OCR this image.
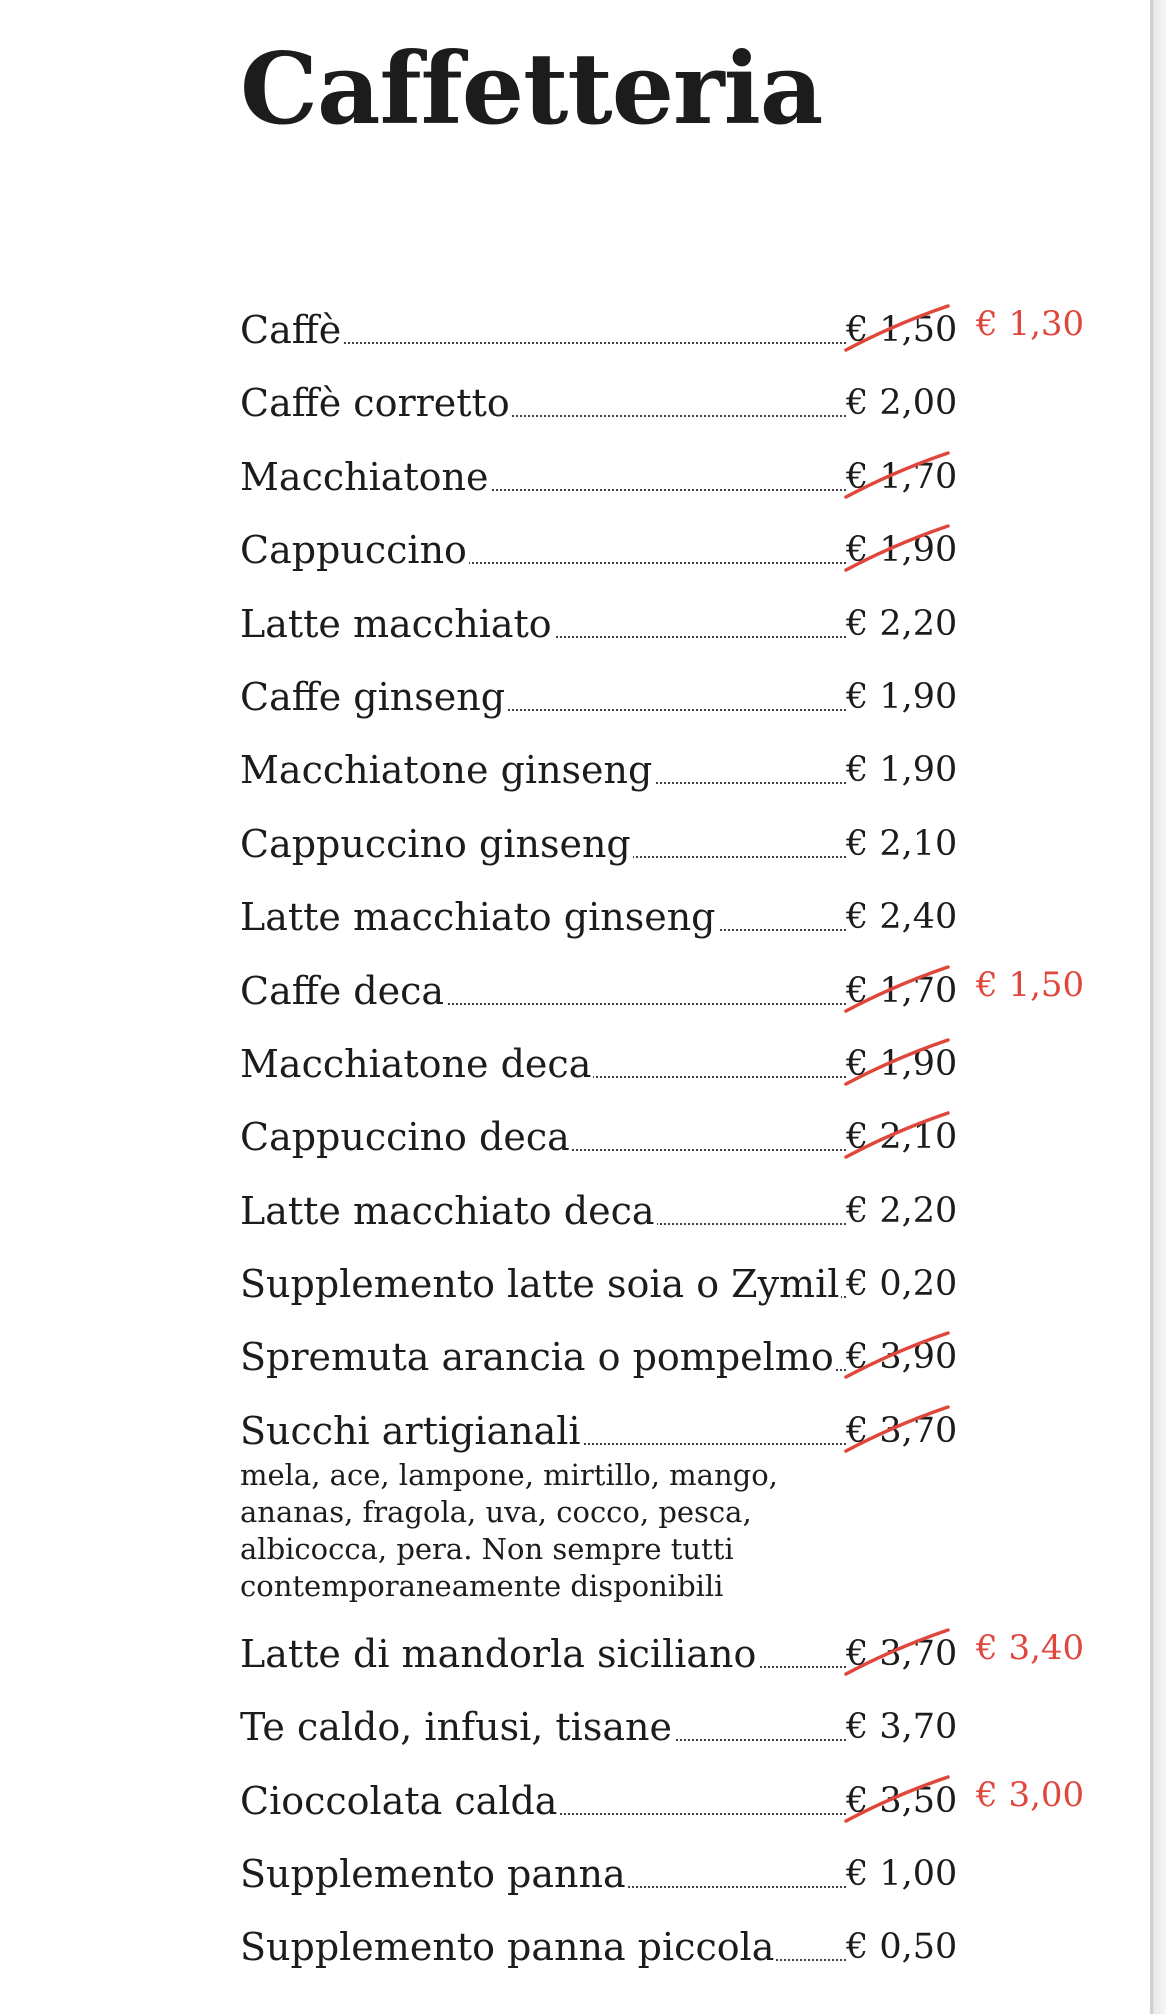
Caffetteria
Caffè	€ 1,50 € 1,30
Caffè corretto	€ 2,00
Macchiatone	€ 1,70
Cappuccino	€ 1,90
Latte macchiato	€ 2,20
Caffe ginseng	€ 1,90
Macchiatone ginseng	€ 1,90
Cappuccino ginseng	€ 2,10
Latte macchiato ginseng	€ 2,40
Caffe deca	€ 1,70 € 1,50
Macchiatone deca	€ 1,90
Cappuccino deca	€ 2,10
Latte macchiato deca	€ 2,20
Supplemento latte soia o Zymil € 0,20
Spremuta arancia o pompelmo € 3,90
Succhi artigianali	€ 3,70
mela, ace, lampone, mirtillo, mango, ananas, fragola, uva, cocco, pesca, albicocca, pera. Non sempre tutti contemporaneamente disponibili
Latte di mandorla siciliano	€ 3,70 € 3,40
Te caldo, infusi, tisane	€ 3,70
Cioccolata calda	€ 3,50 € 3,00
Supplemento panna	€ 1,00
Supplemento panna piccola € 0,50
